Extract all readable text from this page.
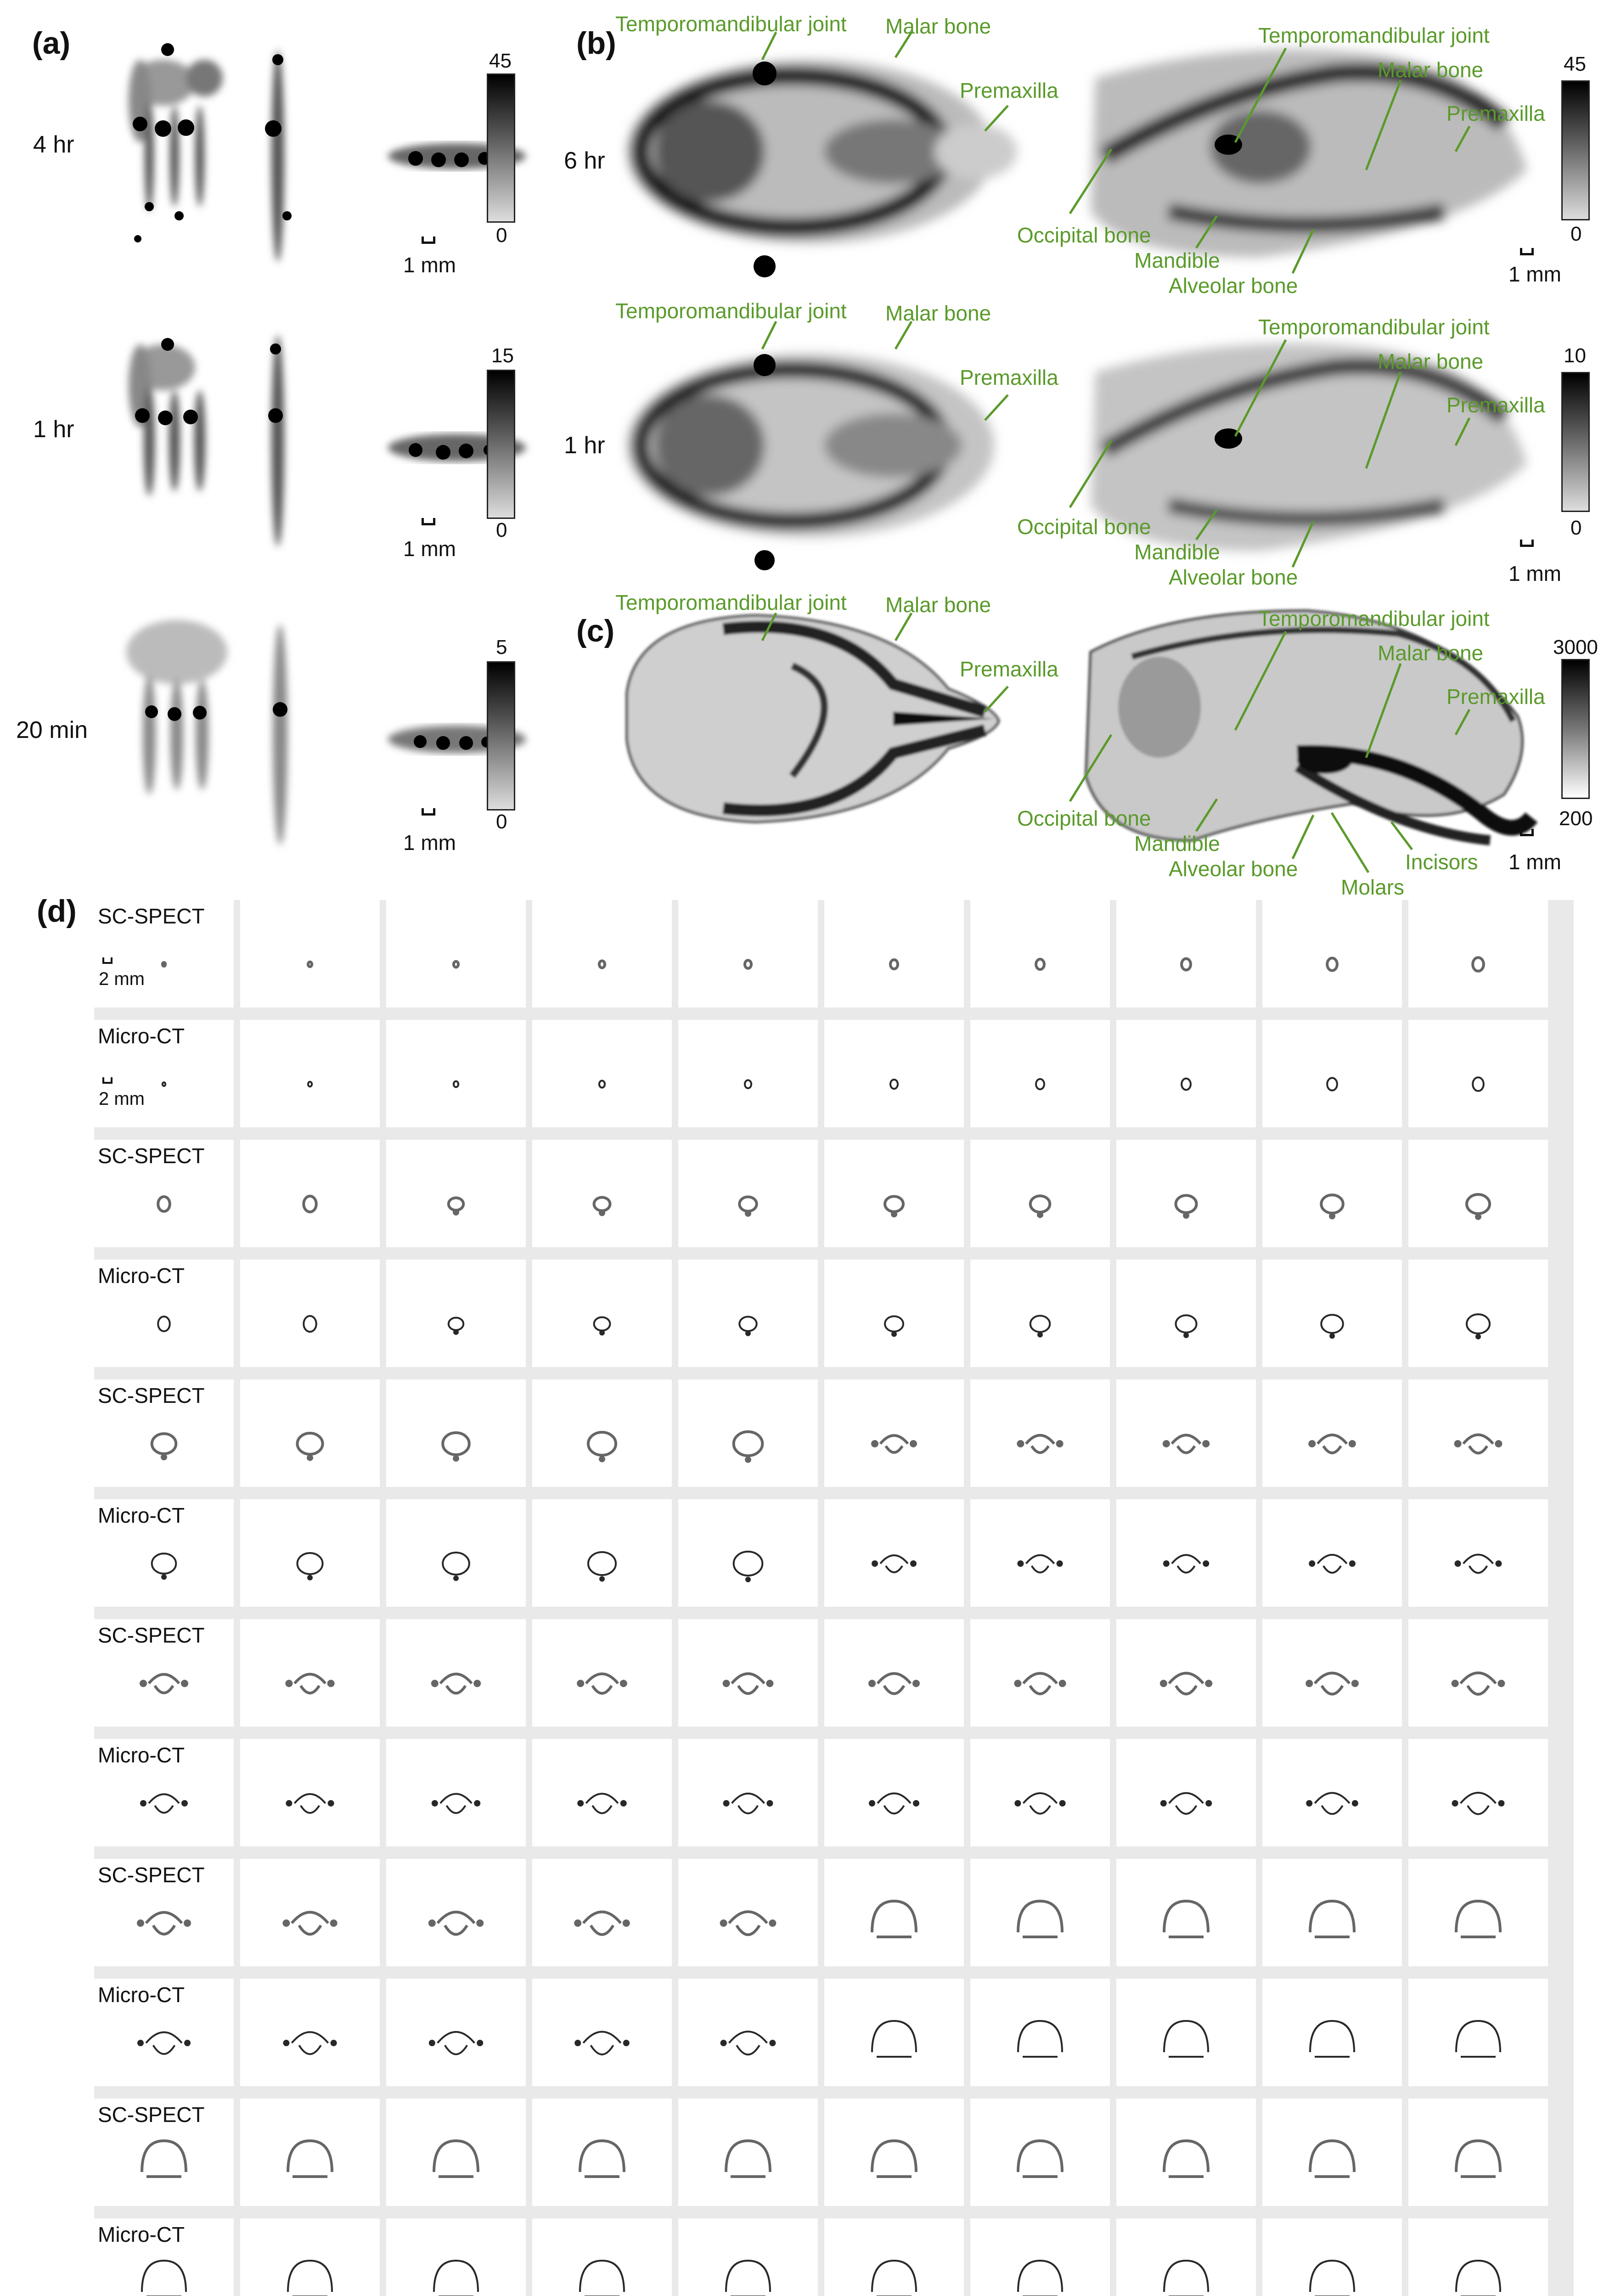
(a)
4 hr
45
0
1 mm
1 hr
15
0
1 mm
20 min
5
0
1 mm
(b)
6 hr
1 hr
45
0
1 mm
10
0
1 mm
(c)	3000
200
1 mm
Temporomandibular joint Malar bone
Premaxilla
Temporomandibular joint
Malar bone
Premaxilla
Occipital bone
Mandible
Alveolar bone
Temporomandibular joint Malar bone
Premaxilla
Temporomandibular joint
Malar bone
Premaxilla
Occipital bone
Mandible
Alveolar bone
Temporomandibular joint Malar bone
Premaxilla
Temporomandibular joint
Malar bone
Premaxilla
Occipital bone
Mandible
Alveolar bone	Incisors
Molars
(d) SC-SPECT
2 mm
Micro-CT
2 mm
SC-SPECT
Micro-CT
SC-SPECT
Micro-CT
SC-SPECT
Micro-CT
SC-SPECT
Micro-CT
SC-SPECT
Micro-CT
